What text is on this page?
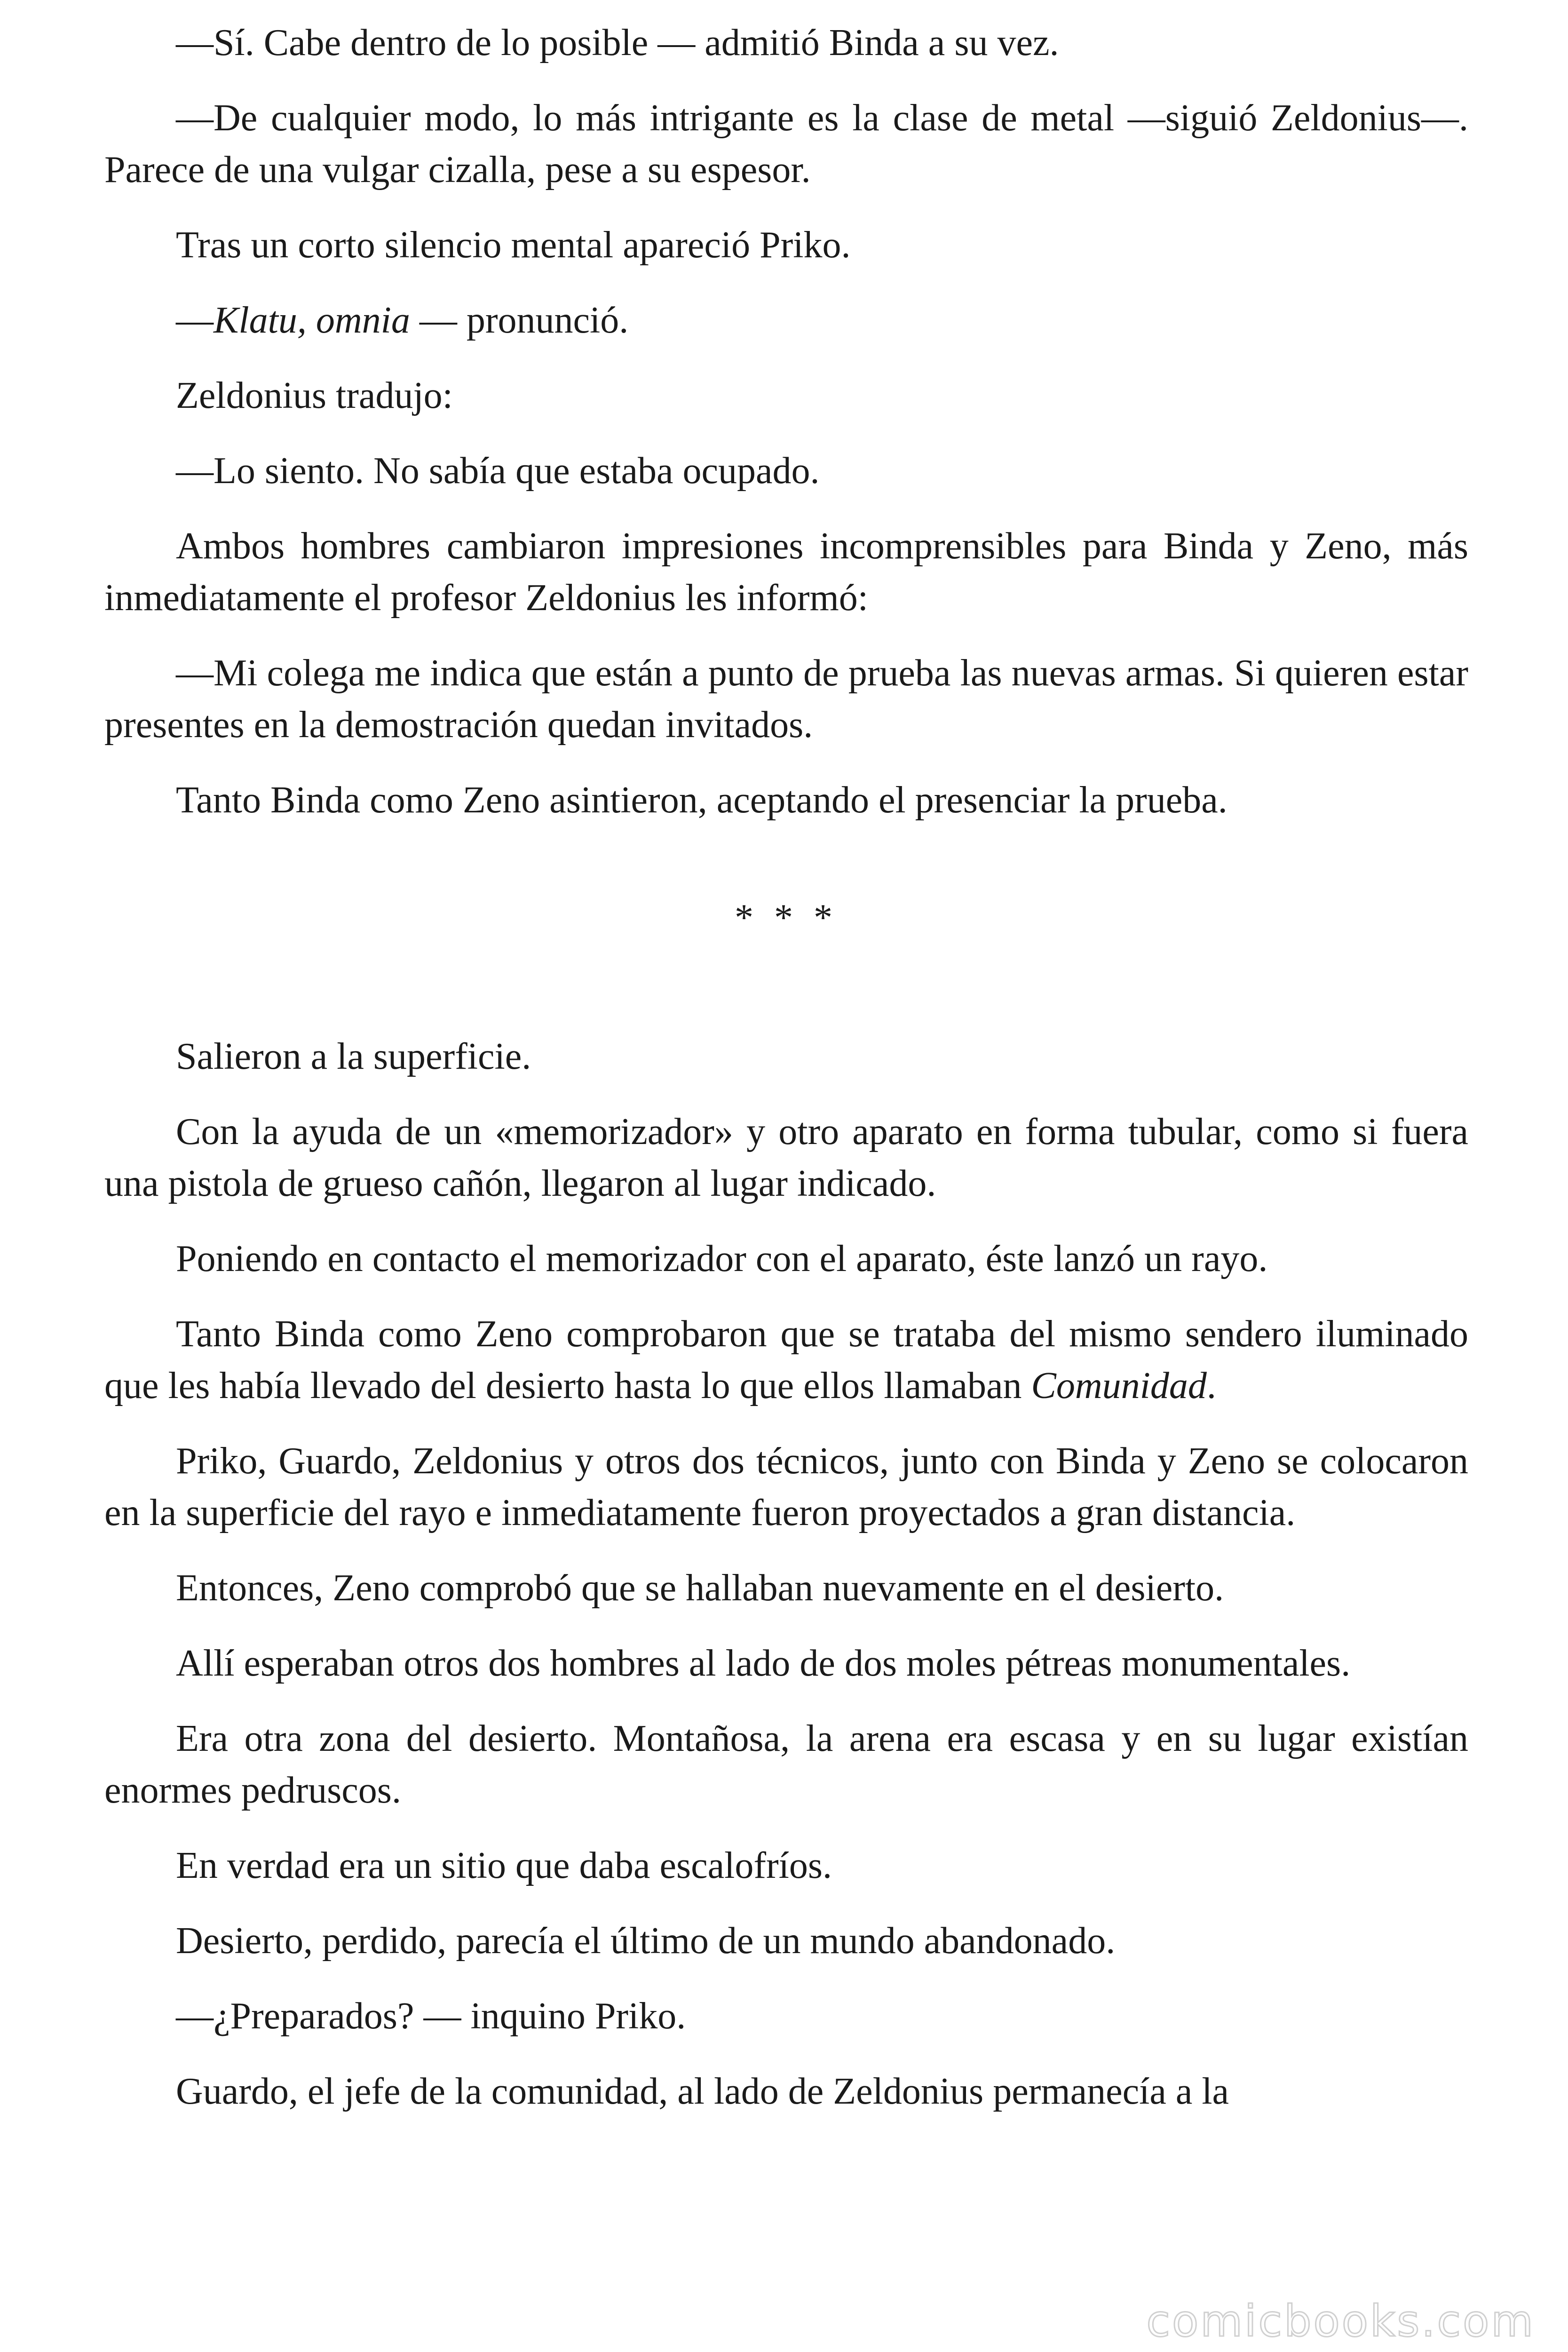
—Sí. Cabe dentro de lo posible — admitió Binda a su vez.

—De cualquier modo, lo más intrigante es la clase de metal —siguió Zeldonius—. Parece de una vulgar cizalla, pese a su espesor.

Tras un corto silencio mental apareció Priko.

—Klatu, omnia — pronunció.

Zeldonius tradujo:

—Lo siento. No sabía que estaba ocupado.

Ambos hombres cambiaron impresiones incomprensibles para Binda y Zeno, más inmediatamente el profesor Zeldonius les informó:

—Mi colega me indica que están a punto de prueba las nuevas armas. Si quieren estar presentes en la demostración quedan invitados.

Tanto Binda como Zeno asintieron, aceptando el presenciar la prueba.

* * *

Salieron a la superficie.

Con la ayuda de un «memorizador» y otro aparato en forma tubular, como si fuera una pistola de grueso cañón, llegaron al lugar indicado.

Poniendo en contacto el memorizador con el aparato, éste lanzó un rayo.

Tanto Binda como Zeno comprobaron que se trataba del mismo sendero iluminado que les había llevado del desierto hasta lo que ellos llamaban Comunidad.

Priko, Guardo, Zeldonius y otros dos técnicos, junto con Binda y Zeno se colocaron en la superficie del rayo e inmediatamente fueron proyectados a gran distancia.

Entonces, Zeno comprobó que se hallaban nuevamente en el desierto.

Allí esperaban otros dos hombres al lado de dos moles pétreas monumentales.

Era otra zona del desierto. Montañosa, la arena era escasa y en su lugar existían enormes pedruscos.

En verdad era un sitio que daba escalofríos.

Desierto, perdido, parecía el último de un mundo abandonado.

—¿Preparados? — inquino Priko.

Guardo, el jefe de la comunidad, al lado de Zeldonius permanecía a la

comicbooks.com
